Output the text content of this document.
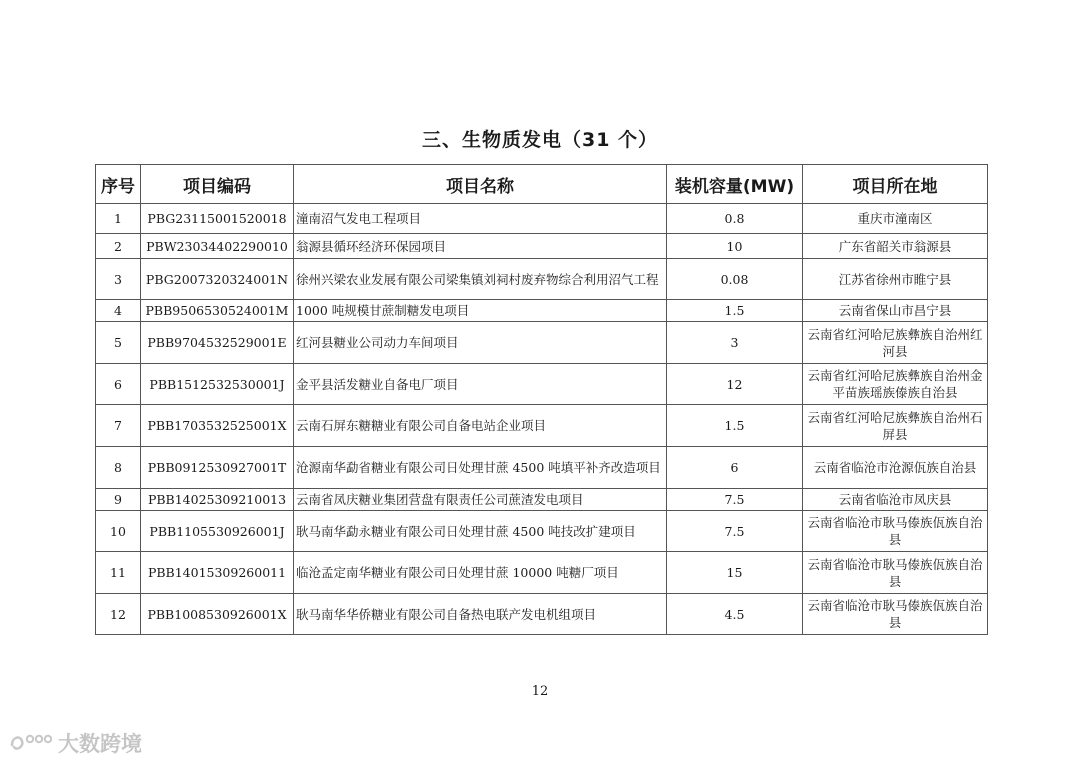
三、生物质发电（31 个）
序号	项目编码	项目名称	装机容量(MW)	项目所在地
1	PBG23115001520018	潼南沼气发电工程项目	0.8	重庆市潼南区
2	PBW23034402290010	翁源县循环经济环保园项目	10	广东省韶关市翁源县
3	PBG2007320324001N	徐州兴梁农业发展有限公司梁集镇刘祠村废弃物综合利用沼气工程	0.08	江苏省徐州市睢宁县
4	PBB9506530524001M	1000 吨规模甘蔗制糖发电项目	1.5	云南省保山市昌宁县
5	PBB9704532529001E	红河县糖业公司动力车间项目	3	云南省红河哈尼族彝族自治州红河县
6	PBB1512532530001J	金平县活发糖业自备电厂项目	12	云南省红河哈尼族彝族自治州金平苗族瑶族傣族自治县
7	PBB1703532525001X	云南石屏东糖糖业有限公司自备电站企业项目	1.5	云南省红河哈尼族彝族自治州石屏县
8	PBB0912530927001T	沧源南华勐省糖业有限公司日处理甘蔗 4500 吨填平补齐改造项目	6	云南省临沧市沧源佤族自治县
9	PBB14025309210013	云南省凤庆糖业集团营盘有限责任公司蔗渣发电项目	7.5	云南省临沧市凤庆县
10	PBB1105530926001J	耿马南华勐永糖业有限公司日处理甘蔗 4500 吨技改扩建项目	7.5	云南省临沧市耿马傣族佤族自治县
11	PBB14015309260011	临沧孟定南华糖业有限公司日处理甘蔗 10000 吨糖厂项目	15	云南省临沧市耿马傣族佤族自治县
12	PBB1008530926001X	耿马南华华侨糖业有限公司自备热电联产发电机组项目	4.5	云南省临沧市耿马傣族佤族自治县
12
大数跨境
